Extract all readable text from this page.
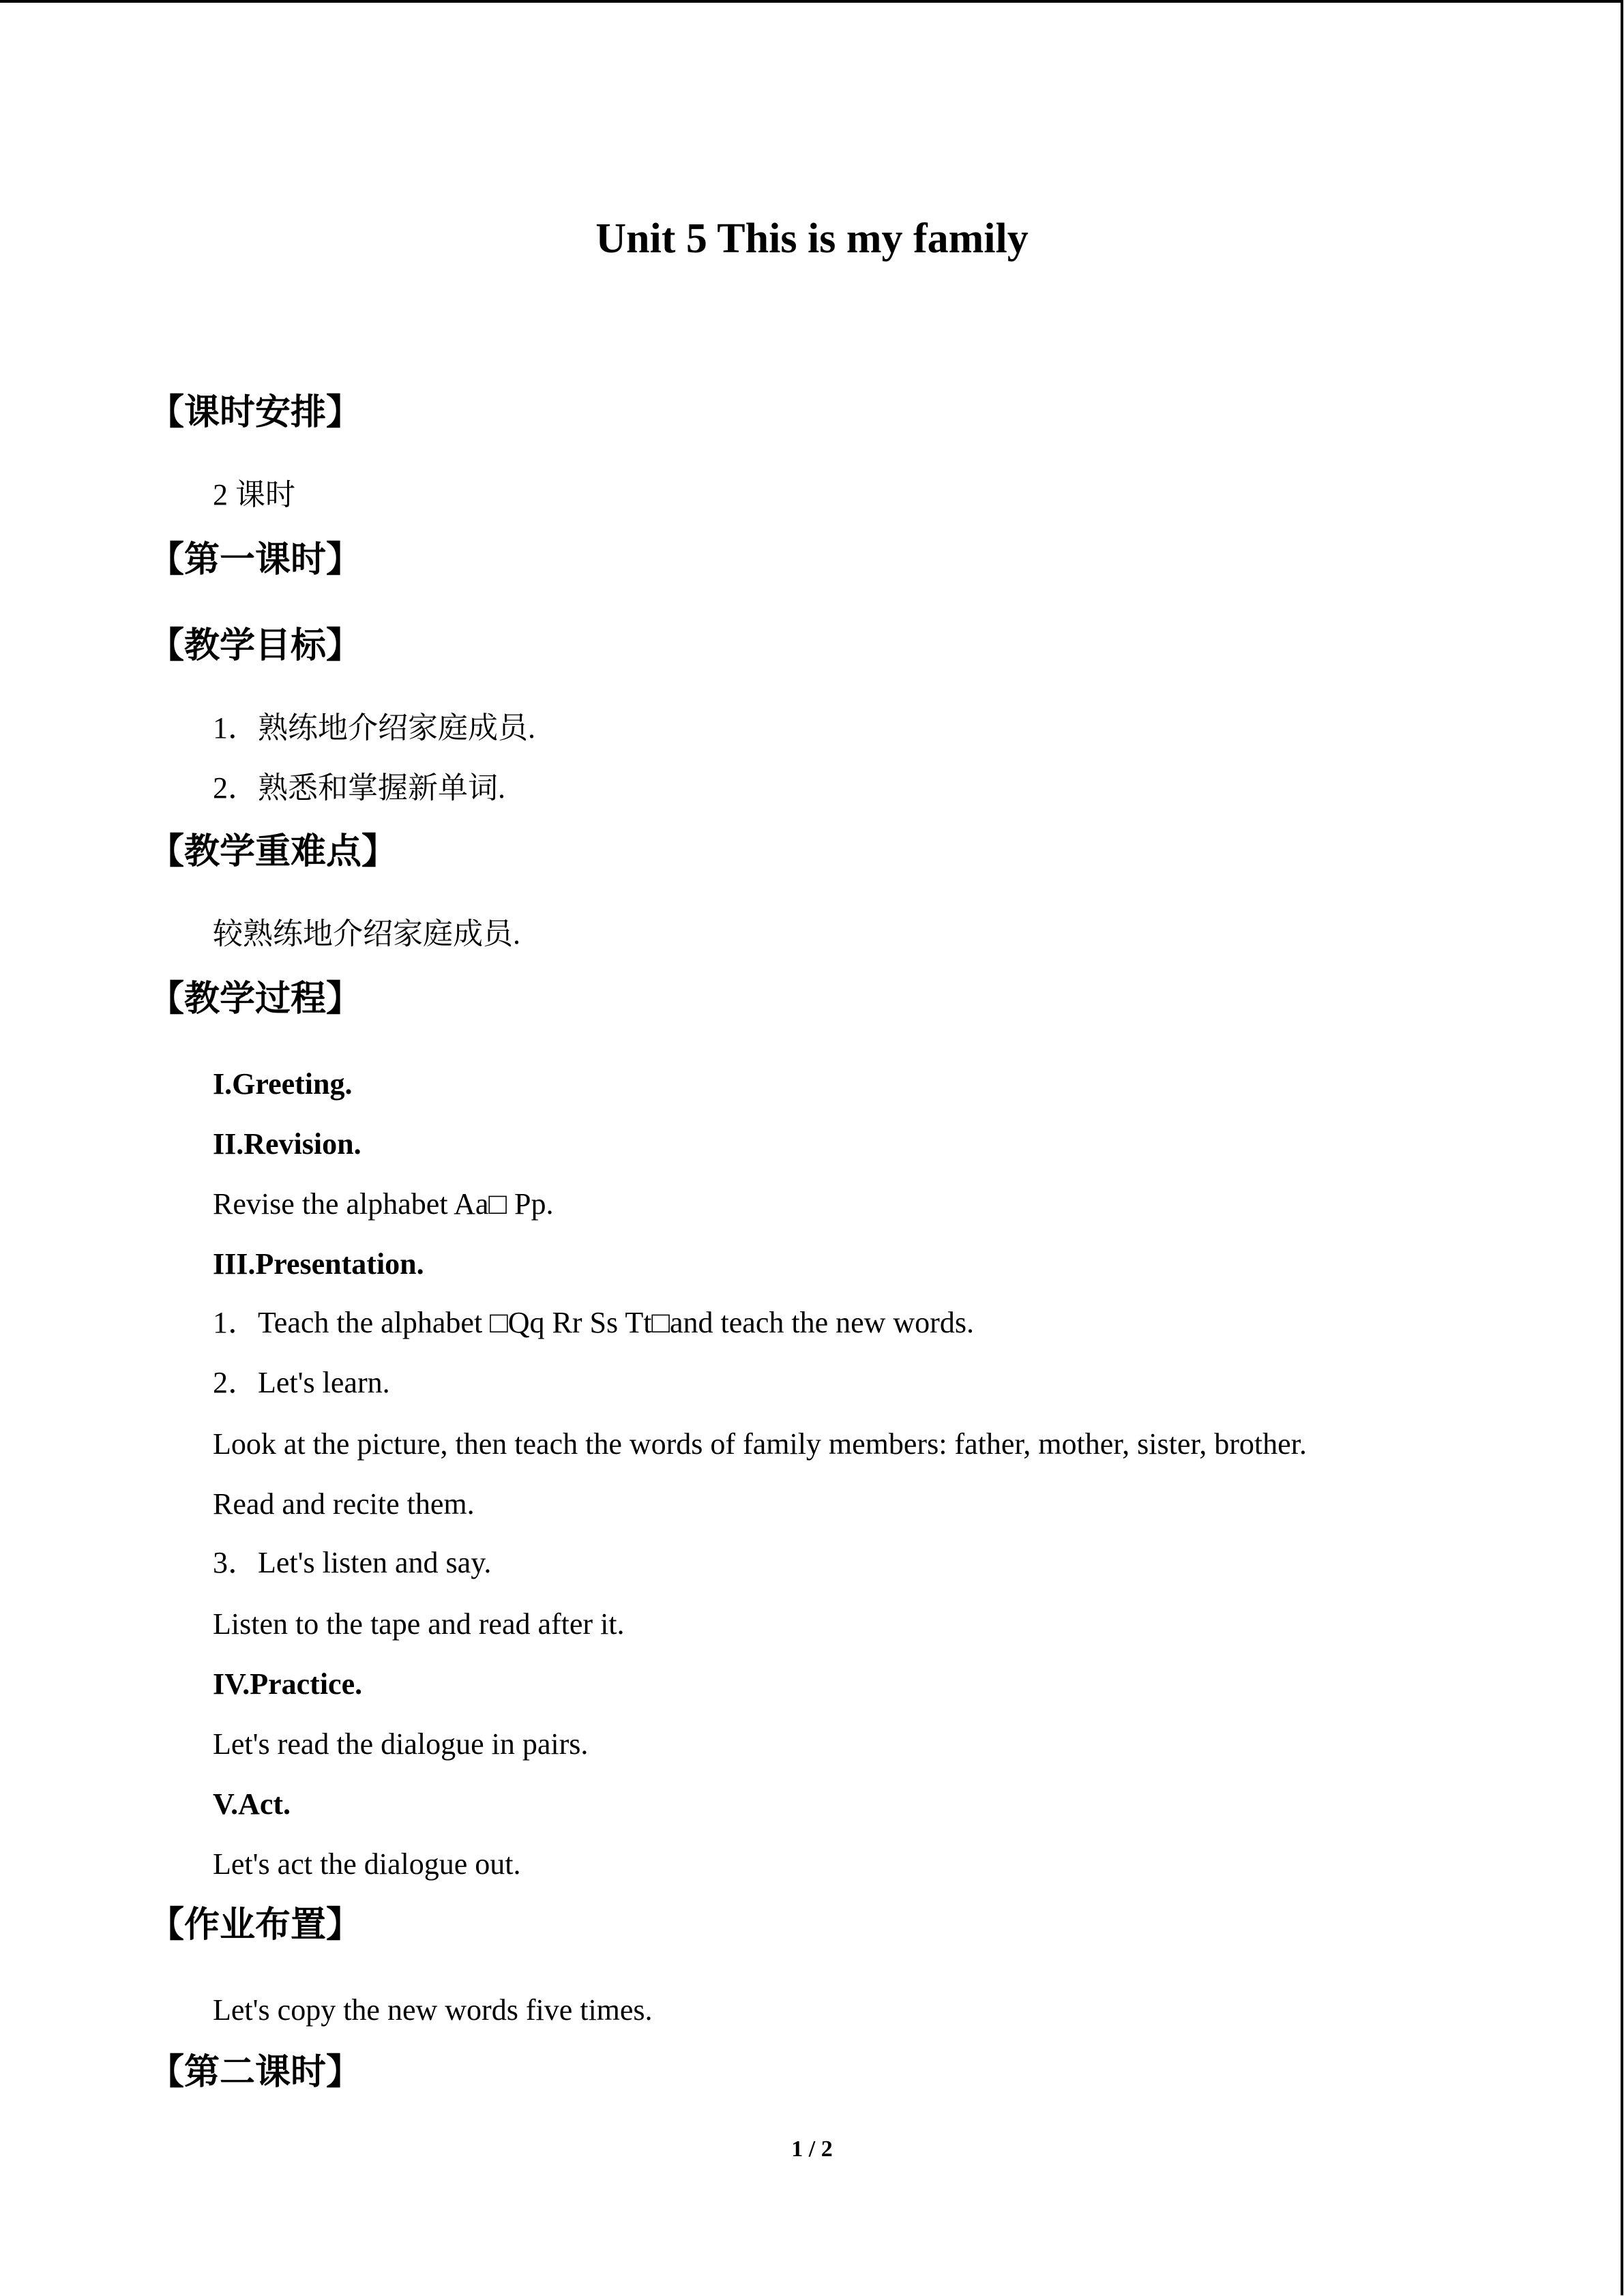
Unit 5 This is my family
【课时安排】
2 课时
【第一课时】
【教学目标】
1．熟练地介绍家庭成员.
2．熟悉和掌握新单词.
【教学重难点】
较熟练地介绍家庭成员.
【教学过程】
I.Greeting.
II.Revision.
Revise the alphabet Aa□ Pp.
III.Presentation.
1．Teach the alphabet □Qq Rr Ss Tt□and teach the new words.
2．Let's learn.
Look at the picture, then teach the words of family members: father, mother, sister, brother.
Read and recite them.
3．Let's listen and say.
Listen to the tape and read after it.
IV.Practice.
Let's read the dialogue in pairs.
V.Act.
Let's act the dialogue out.
【作业布置】
Let's copy the new words five times.
【第二课时】
1 / 2
